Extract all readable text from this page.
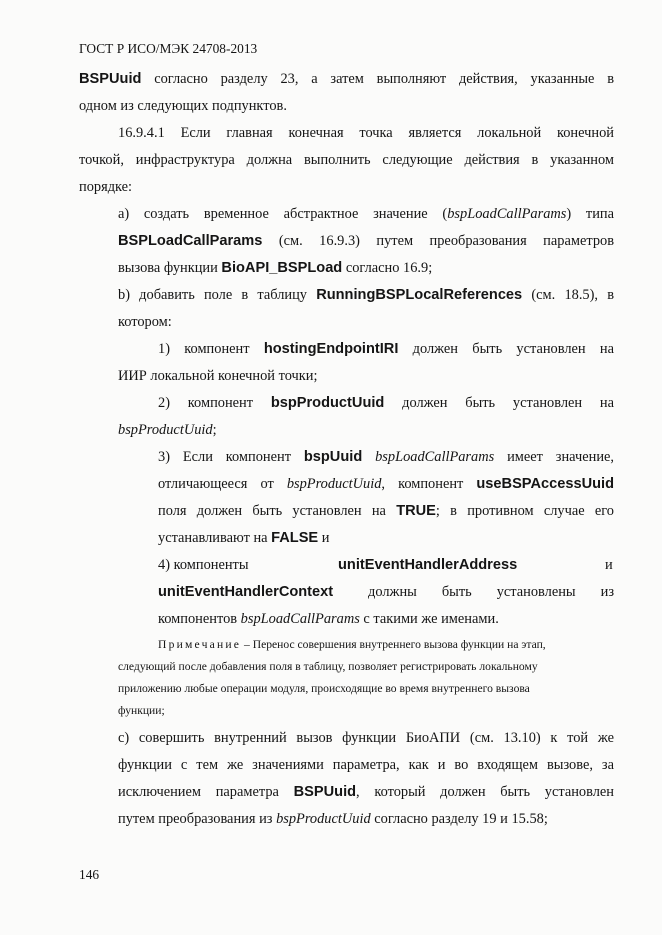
ГОСТ Р ИСО/МЭК 24708-2013
BSPUuid согласно разделу 23, а затем выполняют действия, указанные в
одном из следующих подпунктов.
16.9.4.1 Если главная конечная точка является локальной конечной
точкой, инфраструктура должна выполнить следующие действия в указанном
порядке:
а) создать временное абстрактное значение (bspLoadCallParams) типа
BSPLoadCallParams (см. 16.9.3) путем преобразования параметров
вызова функции BioAPI_BSPLoad согласно 16.9;
b) добавить поле в таблицу RunningBSPLocalReferences (см. 18.5), в
котором:
1) компонент hostingEndpointIRI должен быть установлен на
ИИР локальной конечной точки;
2) компонент bspProductUuid должен быть установлен на
bspProductUuid;
3) Если компонент bspUuid bspLoadCallParams имеет значение,
отличающееся от bspProductUuid, компонент useBSPAccessUuid
поля должен быть установлен на TRUE; в противном случае его
устанавливают на FALSE и
4) компоненты	unitEventHandlerAddress	и
unitEventHandlerContext должны быть установлены из
компонентов bspLoadCallParams с такими же именами.
Примечание – Перенос совершения внутреннего вызова функции на этап,
следующий после добавления поля в таблицу, позволяет регистрировать локальному
приложению любые операции модуля, происходящие во время внутреннего вызова
функции;
с) совершить внутренний вызов функции БиоАПИ (см. 13.10) к той же
функции с тем же значениями параметра, как и во входящем вызове, за
исключением параметра BSPUuid, который должен быть установлен
путем преобразования из bspProductUuid согласно разделу 19 и 15.58;
146
